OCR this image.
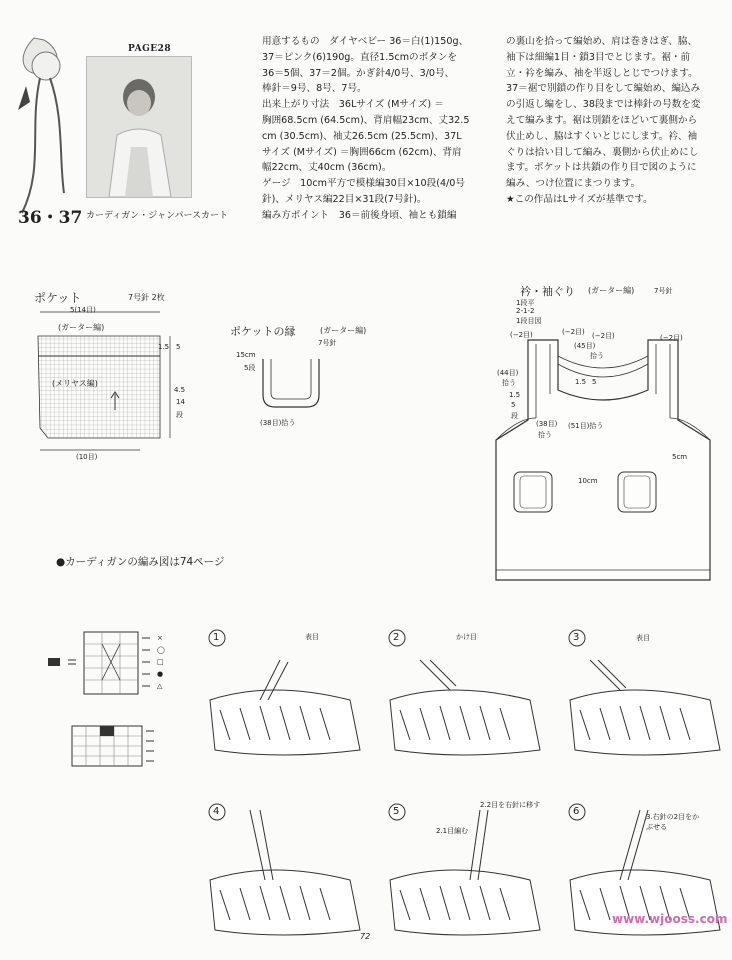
PAGE28
36・37 カーディガン・ジャンパースカート

用意するもの　ダイヤベビー 36＝白(1)150g、

37＝ピンク(6)190g。直径1.5cmのボタンを

36＝5個、37＝2個。かぎ針4/0号、3/0号、

棒針＝9号、8号、7号。

出来上がり寸法　36Lサイズ (Mサイズ) ＝

胸囲68.5cm (64.5cm)、背肩幅23cm、丈32.5

cm (30.5cm)、袖丈26.5cm (25.5cm)、37L

サイズ (Mサイズ) ＝胸囲66cm (62cm)、背肩

幅22cm、丈40cm (36cm)。

ゲージ　10cm平方で模様編30目×10段(4/0号

針)、メリヤス編22目×31段(7号針)。

編み方ポイント　36＝前後身頃、袖とも鎖編

の裏山を拾って編始め、肩は巻きはぎ、脇、

袖下は細編1目・鎖3目でとじます。裾・前

立・衿を編み、袖を半返しとじでつけます。

37＝裾で別鎖の作り目をして編始め、編込み

の引返し編をし、38段までは棒針の号数を変

えて編みます。裾は別鎖をほどいて裏側から

伏止めし、脇はすくいとじにします。衿、袖

ぐりは拾い目して編み、裏側から伏止めにし

ます。ポケットは共鎖の作り目で図のように

編み、つけ位置にまつります。

★この作品はLサイズが基準です。

ポケット	7号針 2枚
5(14目)
(ガーター編)
(メリヤス編)
(10目)
1.5 5
4.5
14
段
ポケットの縁	(ガーター編)
7号針
15cm
5段
(38目)拾う
衿・袖ぐり (ガーター編)	7号針
1段平
2-1-2
1段目図
(−2目)	(−2目) (−2目)	(−2目)
(45目)
拾う
(44目)
拾う
1.5
5
段
1.5 5
(38目)
拾う
(51目)拾う
5cm
10cm
●カーディガンの編み図は74ページ
×
◯
□
●
△
1	表目	2	かけ目	3	表目
4	5
2.2目を右針に移す
2.1目編む
6	3.右針の2目をかぶせる
www.wjooss.com
72
